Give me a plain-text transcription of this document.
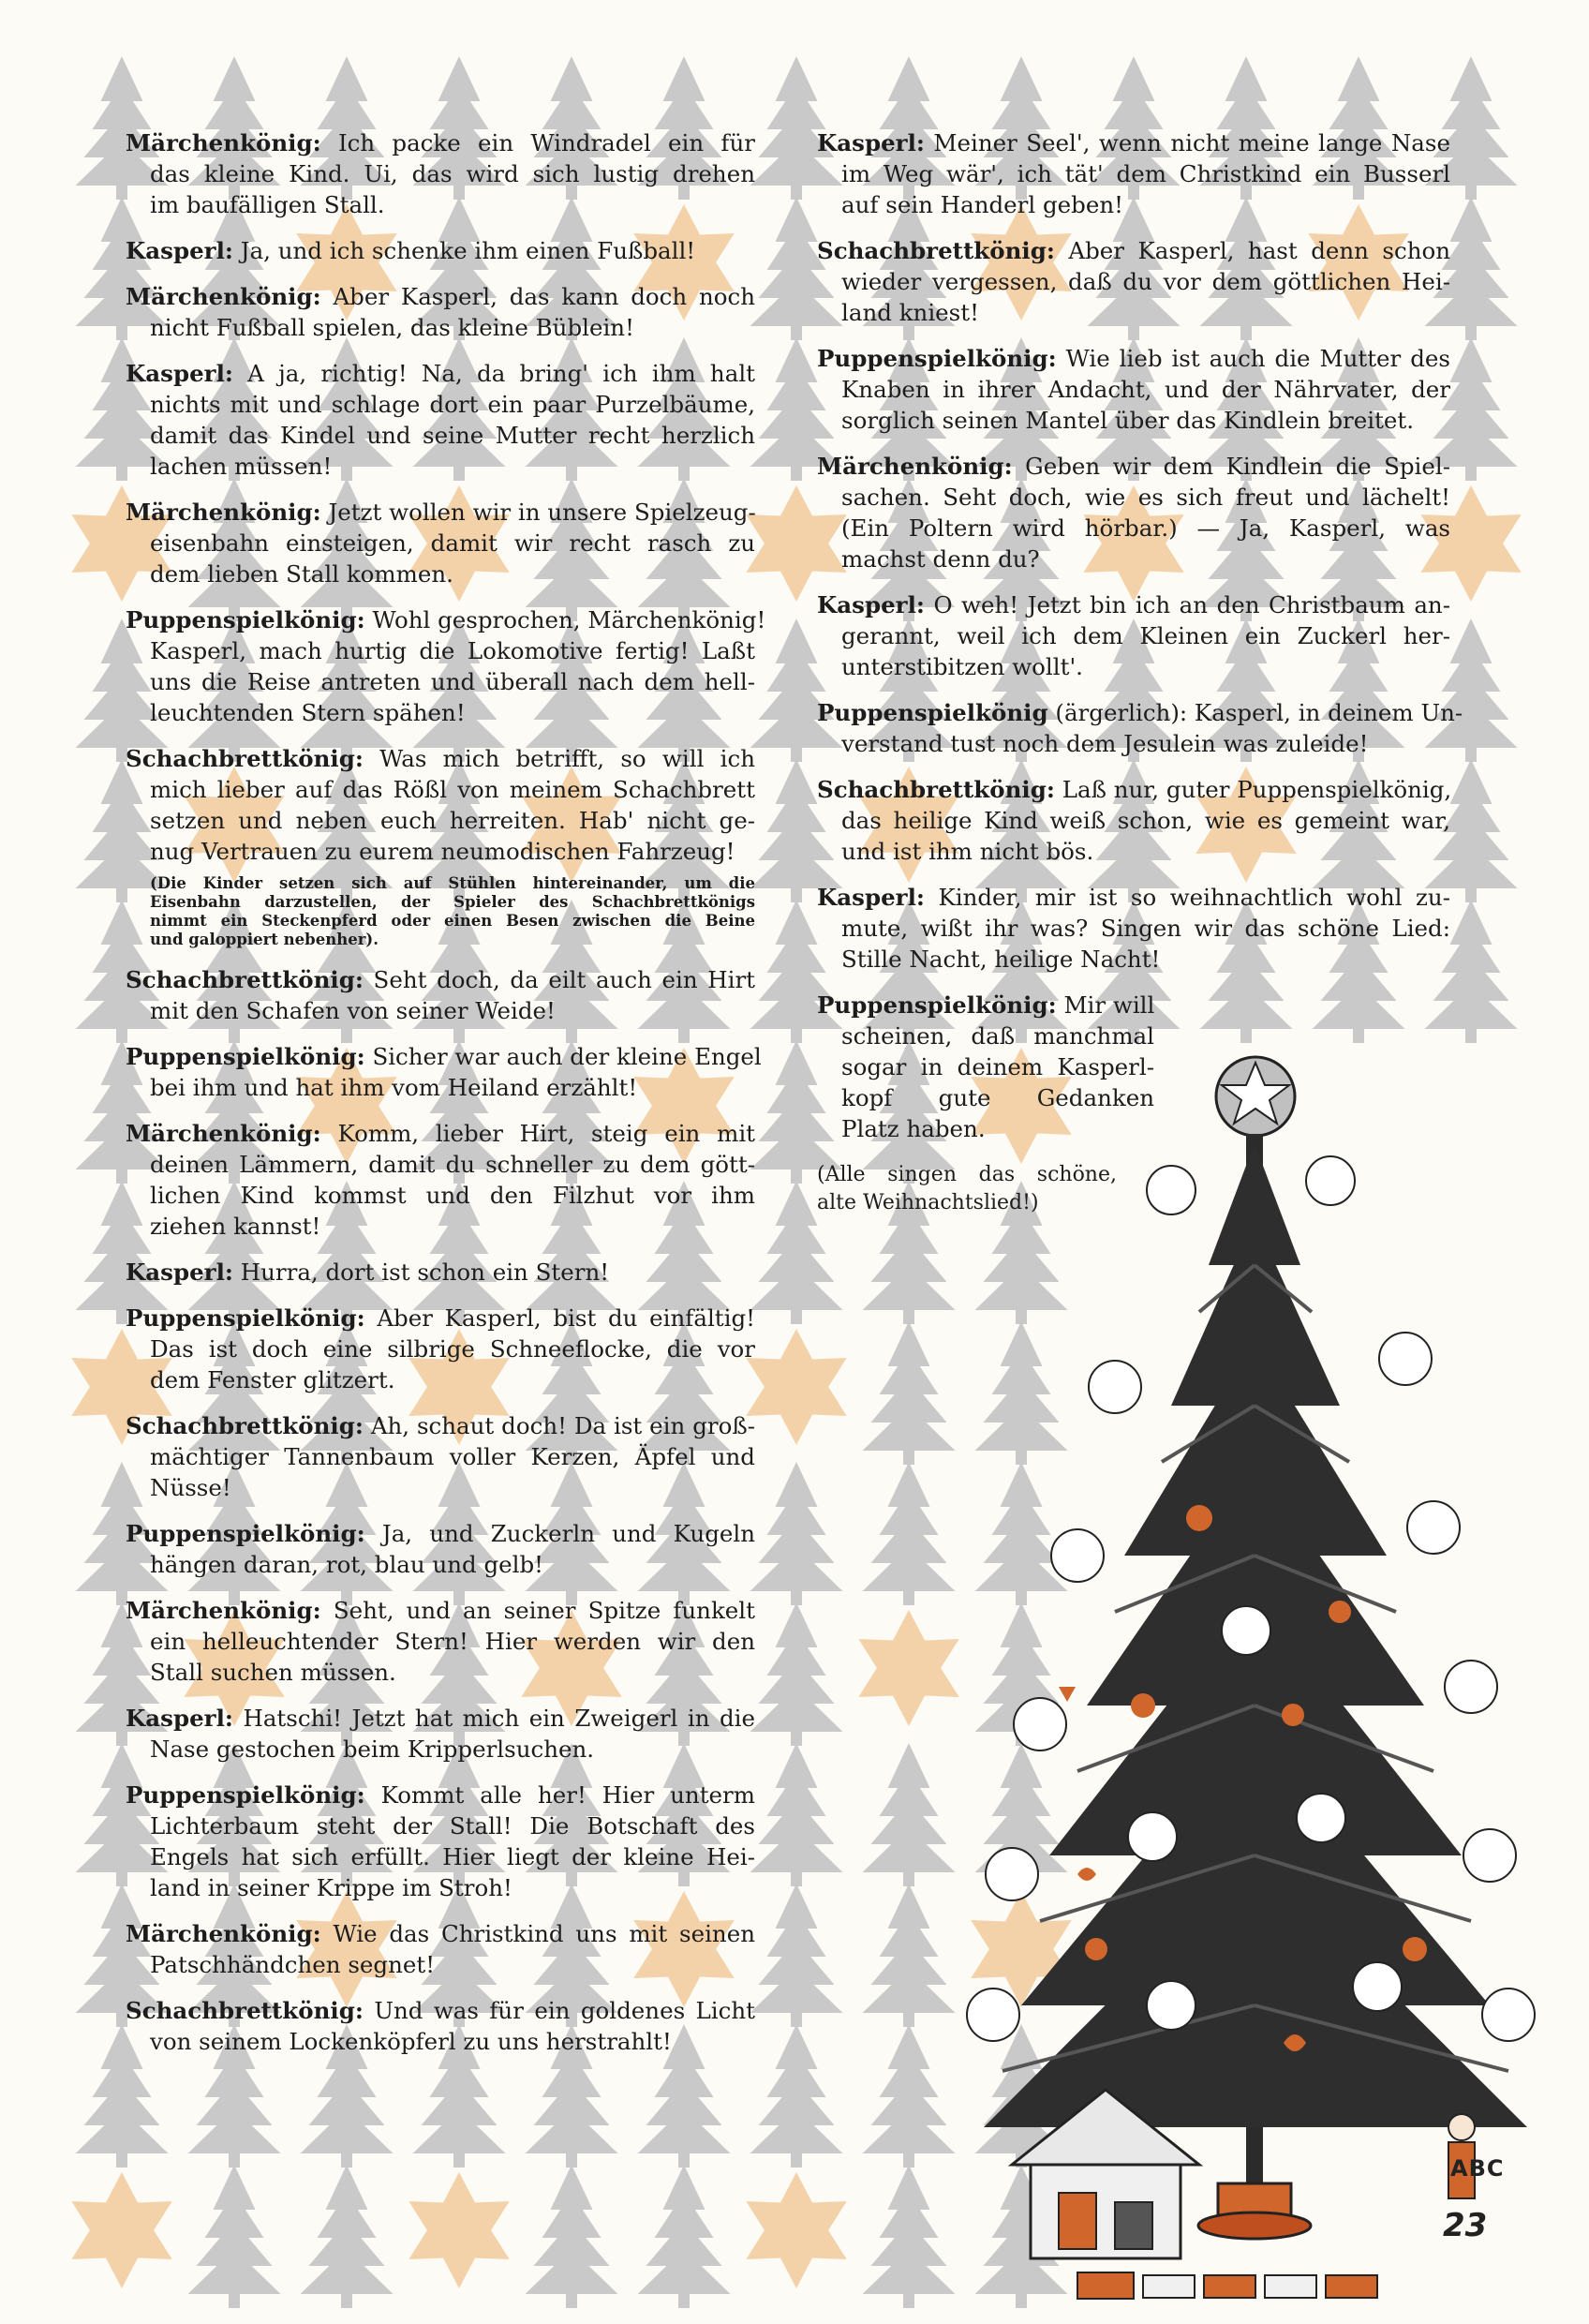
Märchenkönig: Ich packe ein Windradel ein für
das kleine Kind. Ui, das wird sich lustig drehen
im baufälligen Stall.
Kasperl: Ja, und ich schenke ihm einen Fußball!
Märchenkönig: Aber Kasperl, das kann doch noch
nicht Fußball spielen, das kleine Büblein!
Kasperl: A ja, richtig! Na, da bring' ich ihm halt
nichts mit und schlage dort ein paar Purzelbäume,
damit das Kindel und seine Mutter recht herzlich
lachen müssen!
Märchenkönig: Jetzt wollen wir in unsere Spielzeug-
eisenbahn einsteigen, damit wir recht rasch zu
dem lieben Stall kommen.
Puppenspielkönig: Wohl gesprochen, Märchenkönig!
Kasperl, mach hurtig die Lokomotive fertig! Laßt
uns die Reise antreten und überall nach dem hell-
leuchtenden Stern spähen!
Schachbrettkönig: Was mich betrifft, so will ich
mich lieber auf das Rößl von meinem Schachbrett
setzen und neben euch herreiten. Hab' nicht ge-
nug Vertrauen zu eurem neumodischen Fahrzeug!
(Die Kinder setzen sich auf Stühlen hintereinander, um die
Eisenbahn darzustellen, der Spieler des Schachbrettkönigs
nimmt ein Steckenpferd oder einen Besen zwischen die Beine
und galoppiert nebenher).
Schachbrettkönig: Seht doch, da eilt auch ein Hirt
mit den Schafen von seiner Weide!
Puppenspielkönig: Sicher war auch der kleine Engel
bei ihm und hat ihm vom Heiland erzählt!
Märchenkönig: Komm, lieber Hirt, steig ein mit
deinen Lämmern, damit du schneller zu dem gött-
lichen Kind kommst und den Filzhut vor ihm
ziehen kannst!
Kasperl: Hurra, dort ist schon ein Stern!
Puppenspielkönig: Aber Kasperl, bist du einfältig!
Das ist doch eine silbrige Schneeflocke, die vor
dem Fenster glitzert.
Schachbrettkönig: Ah, schaut doch! Da ist ein groß-
mächtiger Tannenbaum voller Kerzen, Äpfel und
Nüsse!
Puppenspielkönig: Ja, und Zuckerln und Kugeln
hängen daran, rot, blau und gelb!
Märchenkönig: Seht, und an seiner Spitze funkelt
ein helleuchtender Stern! Hier werden wir den
Stall suchen müssen.
Kasperl: Hatschi! Jetzt hat mich ein Zweigerl in die
Nase gestochen beim Kripperlsuchen.
Puppenspielkönig: Kommt alle her! Hier unterm
Lichterbaum steht der Stall! Die Botschaft des
Engels hat sich erfüllt. Hier liegt der kleine Hei-
land in seiner Krippe im Stroh!
Märchenkönig: Wie das Christkind uns mit seinen
Patschhändchen segnet!
Schachbrettkönig: Und was für ein goldenes Licht
von seinem Lockenköpferl zu uns herstrahlt!
Kasperl: Meiner Seel', wenn nicht meine lange Nase
im Weg wär', ich tät' dem Christkind ein Busserl
auf sein Handerl geben!
Schachbrettkönig: Aber Kasperl, hast denn schon
wieder vergessen, daß du vor dem göttlichen Hei-
land kniest!
Puppenspielkönig: Wie lieb ist auch die Mutter des
Knaben in ihrer Andacht, und der Nährvater, der
sorglich seinen Mantel über das Kindlein breitet.
Märchenkönig: Geben wir dem Kindlein die Spiel-
sachen. Seht doch, wie es sich freut und lächelt!
(Ein Poltern wird hörbar.) — Ja, Kasperl, was
machst denn du?
Kasperl: O weh! Jetzt bin ich an den Christbaum an-
gerannt, weil ich dem Kleinen ein Zuckerl her-
unterstibitzen wollt'.
Puppenspielkönig (ärgerlich): Kasperl, in deinem Un-
verstand tust noch dem Jesulein was zuleide!
Schachbrettkönig: Laß nur, guter Puppenspielkönig,
das heilige Kind weiß schon, wie es gemeint war,
und ist ihm nicht bös.
Kasperl: Kinder, mir ist so weihnachtlich wohl zu-
mute, wißt ihr was? Singen wir das schöne Lied:
Stille Nacht, heilige Nacht!
Puppenspielkönig: Mir will
scheinen, daß manchmal
sogar in deinem Kasperl-
kopf gute Gedanken
Platz haben.
(Alle singen das schöne,
alte Weihnachtslied!)
ABC
23
